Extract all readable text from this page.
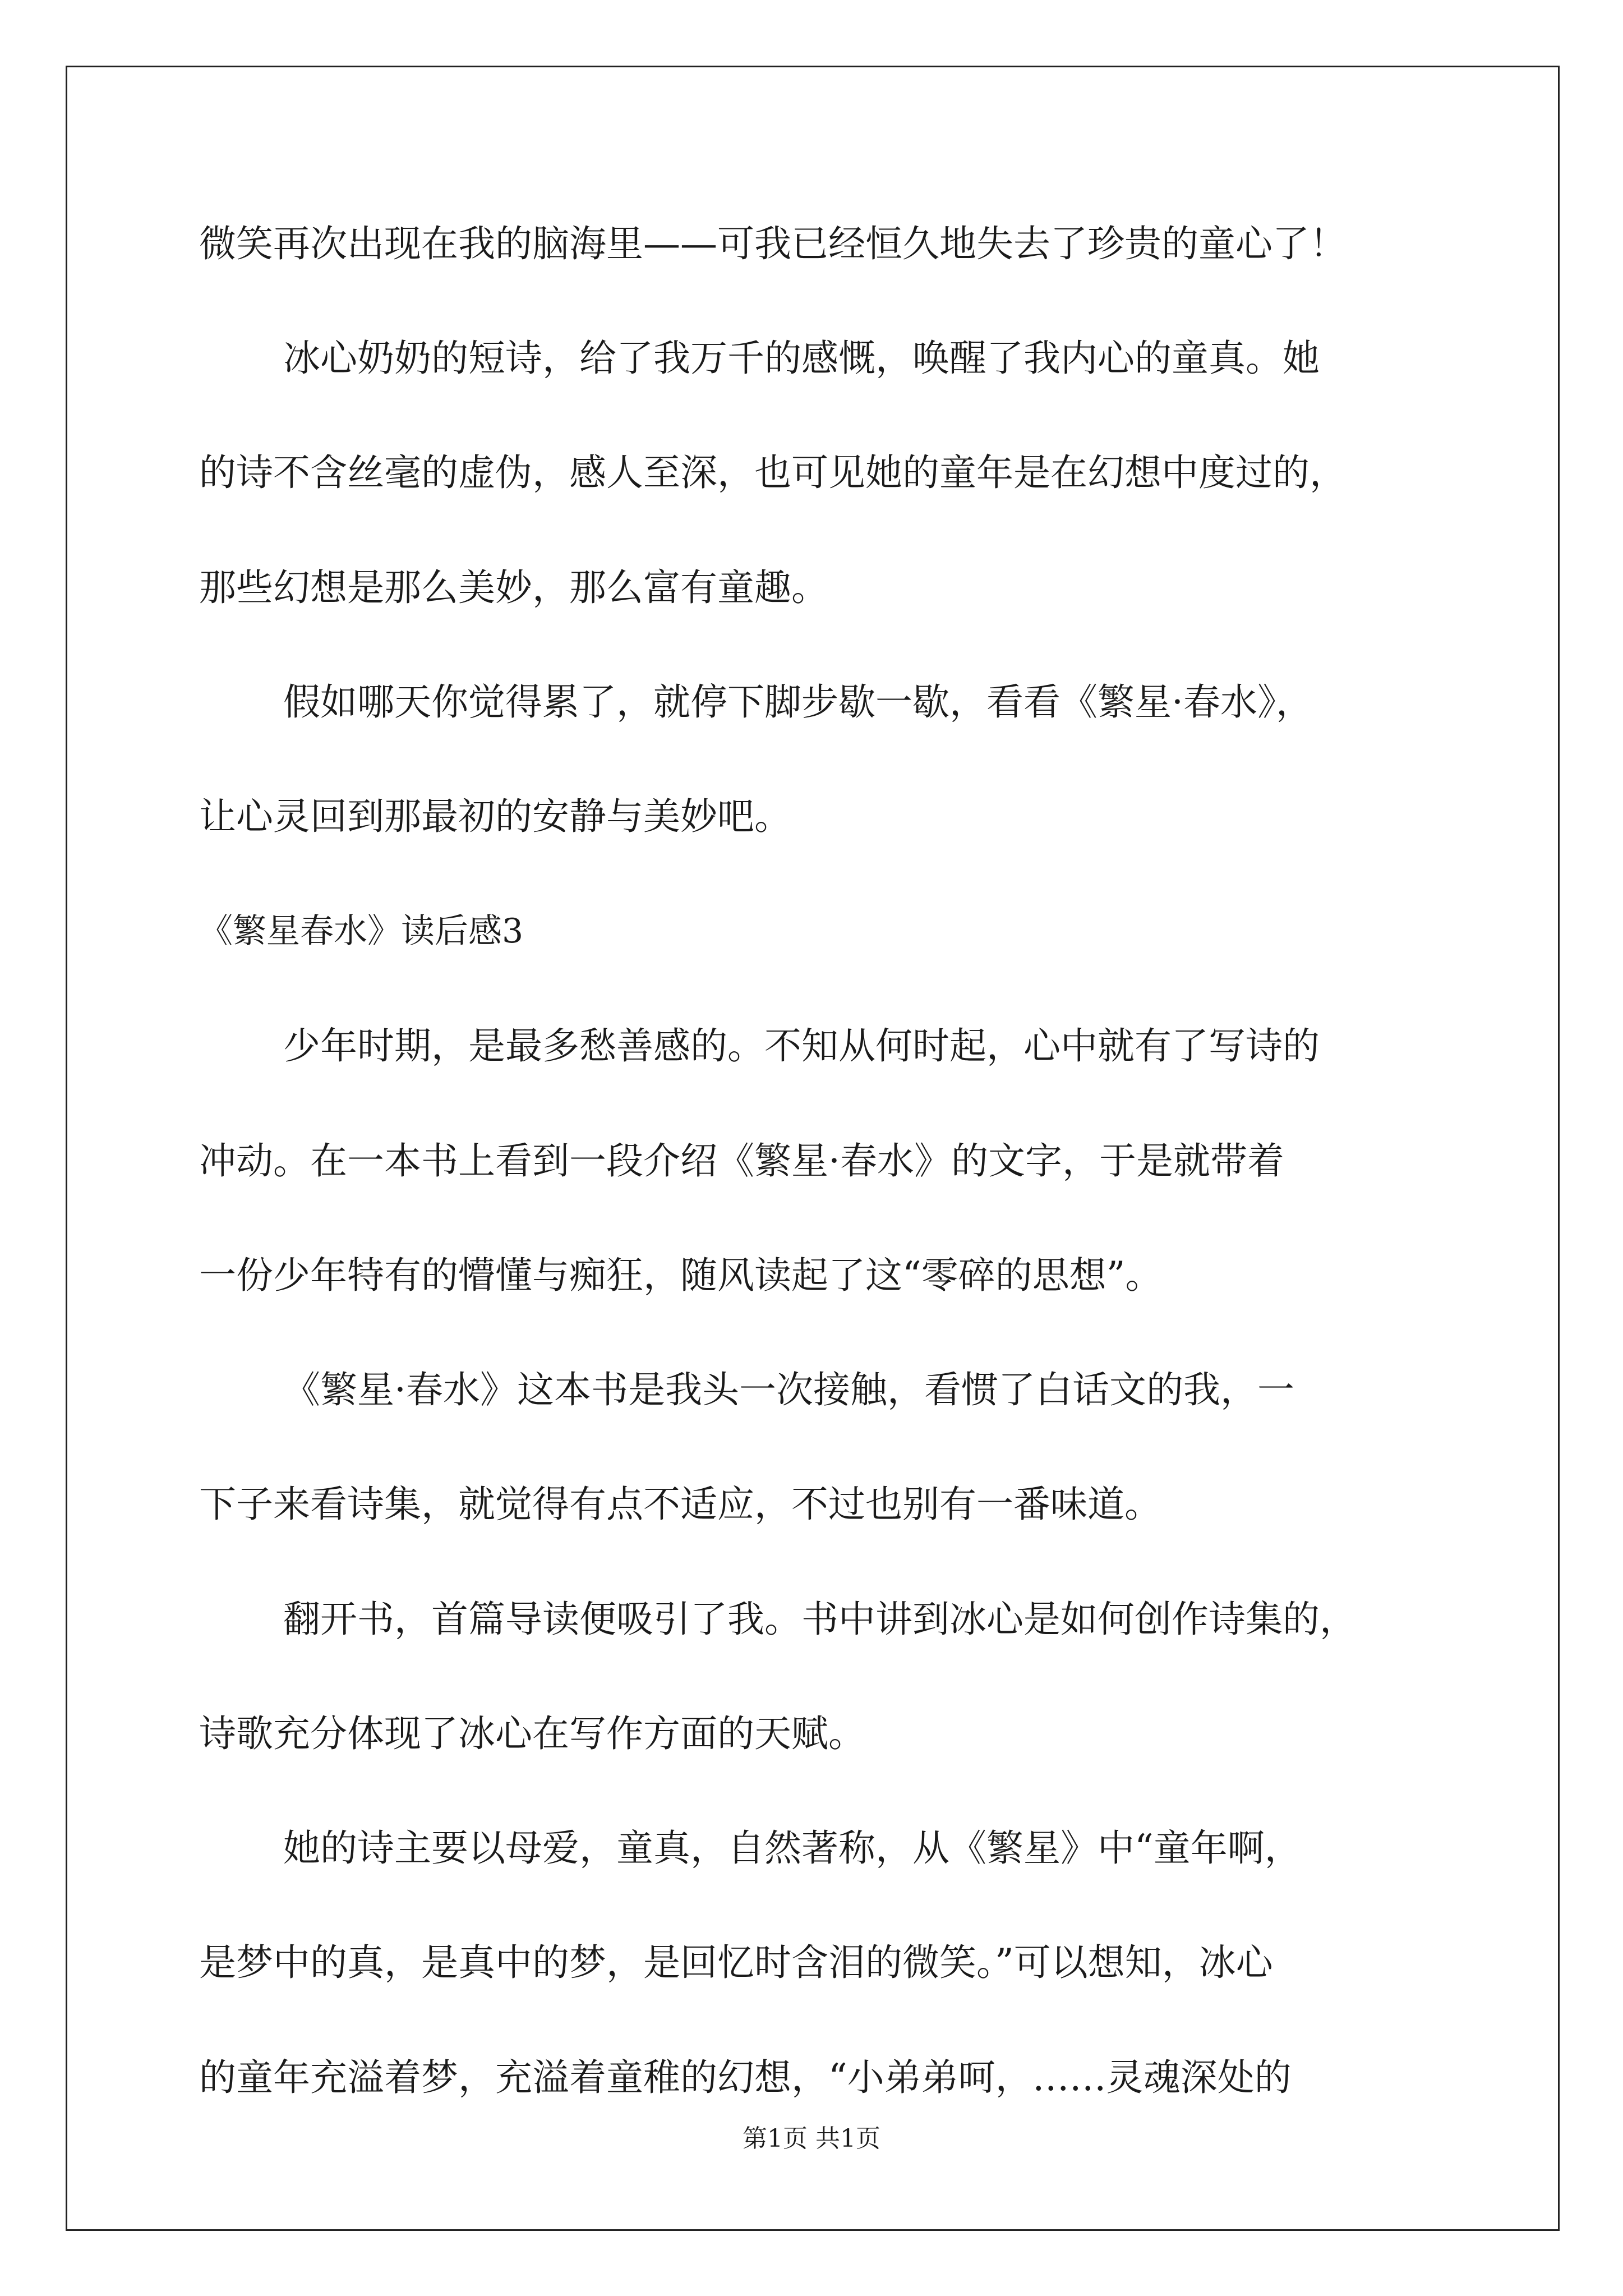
微笑再次出现在我的脑海里——可我已经恒久地失去了珍贵的童心了！
冰心奶奶的短诗，给了我万千的感慨，唤醒了我内心的童真。她
的诗不含丝毫的虚伪，感人至深，也可见她的童年是在幻想中度过的，
那些幻想是那么美妙，那么富有童趣。
假如哪天你觉得累了，就停下脚步歇一歇，看看《繁星·春水》，
让心灵回到那最初的安静与美妙吧。
《繁星春水》读后感3
少年时期，是最多愁善感的。不知从何时起，心中就有了写诗的
冲动。在一本书上看到一段介绍《繁星·春水》的文字，于是就带着
一份少年特有的懵懂与痴狂，随风读起了这“零碎的思想”。
《繁星·春水》这本书是我头一次接触，看惯了白话文的我，一
下子来看诗集，就觉得有点不适应，不过也别有一番味道。
翻开书，首篇导读便吸引了我。书中讲到冰心是如何创作诗集的，
诗歌充分体现了冰心在写作方面的天赋。
她的诗主要以母爱，童真，自然著称，从《繁星》中“童年啊，
是梦中的真，是真中的梦，是回忆时含泪的微笑。”可以想知，冰心
的童年充溢着梦，充溢着童稚的幻想，“小弟弟呵，……灵魂深处的
第1页 共1页
